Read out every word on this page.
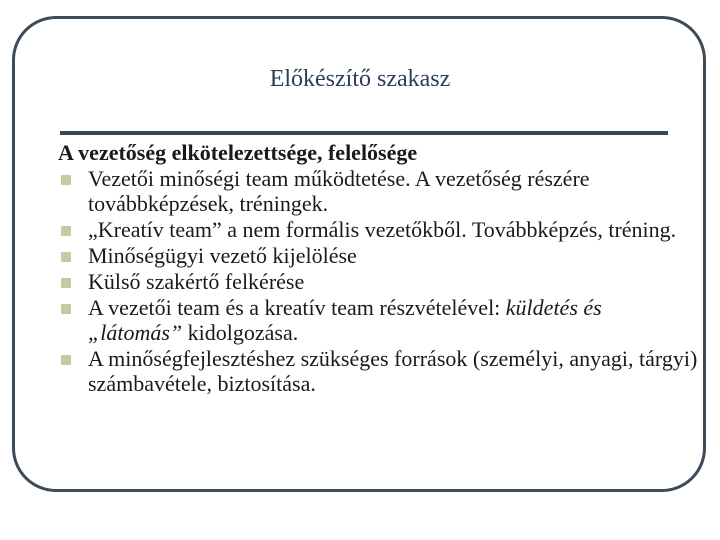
Előkészítő szakasz
A vezetőség elkötelezettsége, felelősége
Vezetői minőségi team működtetése. A vezetőség részére továbbképzések, tréningek.
„Kreatív team” a nem formális vezetőkből. Továbbképzés, tréning.
Minőségügyi vezető kijelölése
Külső szakértő felkérése
A vezetői team és a kreatív team részvételével: küldetés és „látomás” kidolgozása.
A minőségfejlesztéshez szükséges források (személyi, anyagi, tárgyi) számbavétele, biztosítása.
